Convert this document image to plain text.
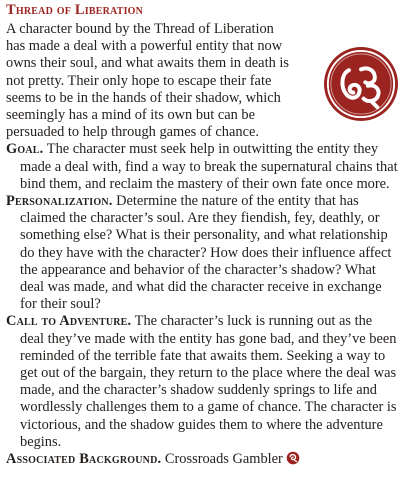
Thread of Liberation

A character bound by the Thread of Liberation has made a deal with a powerful entity that now owns their soul, and what awaits them in death is not pretty. Their only hope to escape their fate seems to be in the hands of their shadow, which seemingly has a mind of its own but can be persuaded to help through games of chance.

Goal. The character must seek help in outwitting the entity they made a deal with, find a way to break the supernatural chains that bind them, and reclaim the mastery of their own fate once more.

Personalization. Determine the nature of the entity that has claimed the character’s soul. Are they fiendish, fey, deathly, or something else? What is their personality, and what relationship do they have with the character? How does their influence affect the appearance and behavior of the character’s shadow? What deal was made, and what did the character receive in exchange for their soul?

Call to Adventure. The character’s luck is running out as the deal they’ve made with the entity has gone bad, and they’ve been reminded of the terrible fate that awaits them. Seeking a way to get out of the bargain, they return to the place where the deal was made, and the character’s shadow suddenly springs to life and wordlessly challenges them to a game of chance. The character is victorious, and the shadow guides them to where the adventure begins.

Associated Background. Crossroads Gambler
